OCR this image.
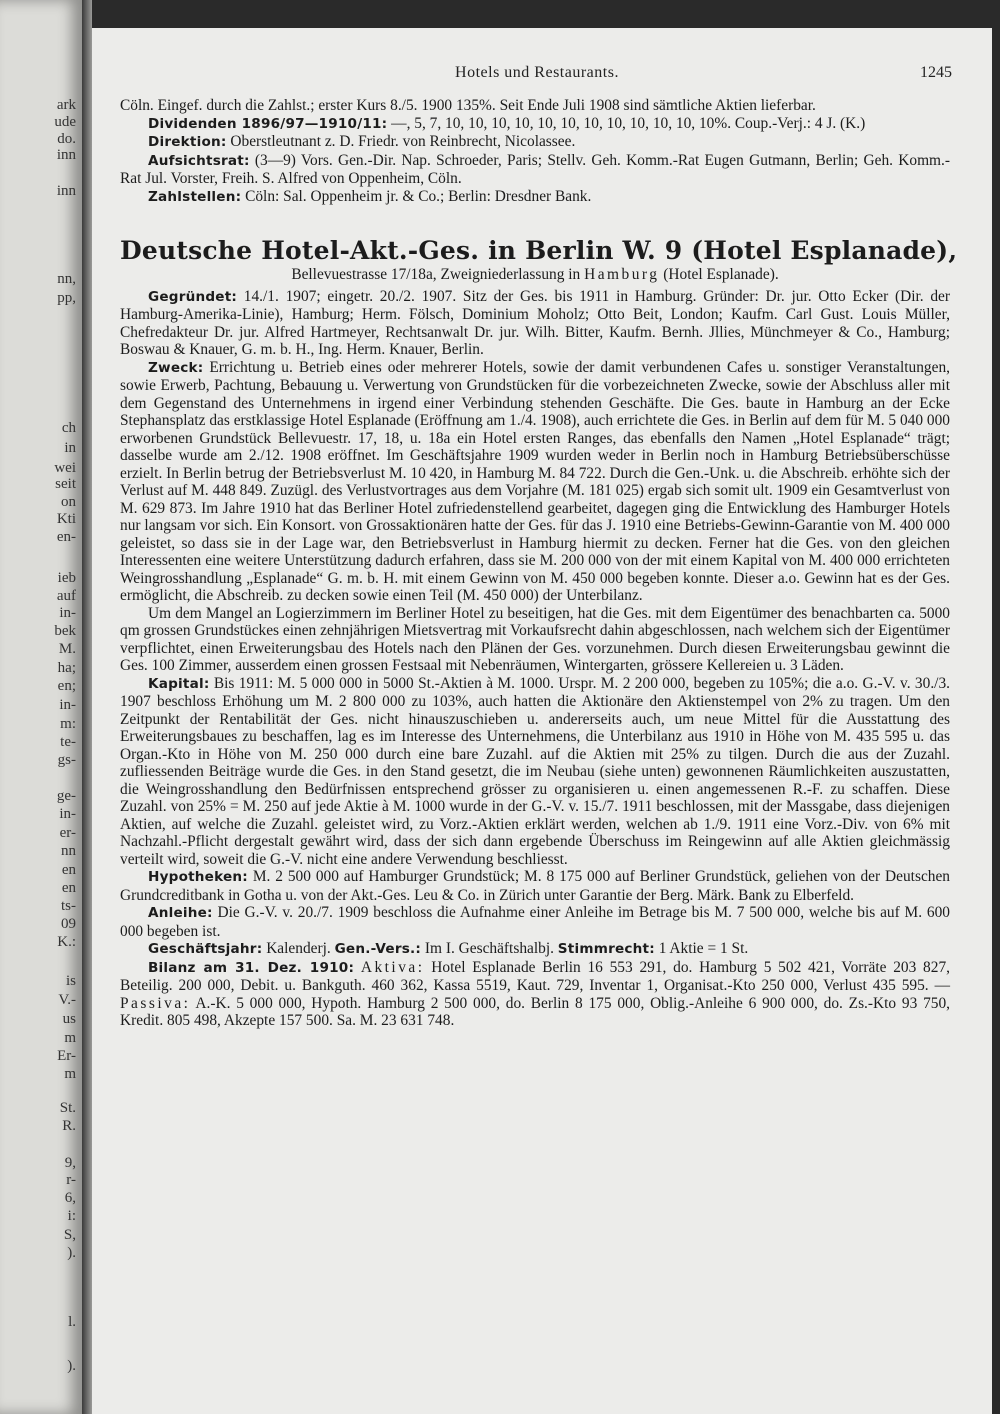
ark
ude
do.
inn
inn
nn,
pp,
ch
in
wei
seit
on
Kti
en-
ieb
auf
in-
bek
M.
ha;
en;
in-
m:
te-
gs-
ge-
in-
er-
nn
en
en
ts-
09
K.:
is
V.-
us
m
Er-
m
St.
R.
9,
r-
6,
i:
S,
).
l.
).
Hotels und Restaurants.	1245

Cöln. Eingef. durch die Zahlst.; erster Kurs 8./5. 1900 135%. Seit Ende Juli 1908 sind sämtliche Aktien lieferbar.

Dividenden 1896/97—1910/11: —, 5, 7, 10, 10, 10, 10, 10, 10, 10, 10, 10, 10, 10, 10%. Coup.-Verj.: 4 J. (K.)

Direktion: Oberstleutnant z. D. Friedr. von Reinbrecht, Nicolassee.

Aufsichtsrat: (3—9) Vors. Gen.-Dir. Nap. Schroeder, Paris; Stellv. Geh. Komm.-Rat Eugen Gutmann, Berlin; Geh. Komm.-Rat Jul. Vorster, Freih. S. Alfred von Oppenheim, Cöln.

Zahlstellen: Cöln: Sal. Oppenheim jr. & Co.; Berlin: Dresdner Bank.

Deutsche Hotel-Akt.-Ges. in Berlin W. 9 (Hotel Esplanade),
Bellevuestrasse 17/18a, Zweigniederlassung in Hamburg (Hotel Esplanade).

Gegründet: 14./1. 1907; eingetr. 20./2. 1907. Sitz der Ges. bis 1911 in Hamburg. Gründer: Dr. jur. Otto Ecker (Dir. der Hamburg-Amerika-Linie), Hamburg; Herm. Fölsch, Dominium Moholz; Otto Beit, London; Kaufm. Carl Gust. Louis Müller, Chefredakteur Dr. jur. Alfred Hartmeyer, Rechtsanwalt Dr. jur. Wilh. Bitter, Kaufm. Bernh. Jllies, Münchmeyer & Co., Hamburg; Boswau & Knauer, G. m. b. H., Ing. Herm. Knauer, Berlin.

Zweck: Errichtung u. Betrieb eines oder mehrerer Hotels, sowie der damit verbundenen Cafes u. sonstiger Veranstaltungen, sowie Erwerb, Pachtung, Bebauung u. Verwertung von Grundstücken für die vorbezeichneten Zwecke, sowie der Abschluss aller mit dem Gegenstand des Unternehmens in irgend einer Verbindung stehenden Geschäfte. Die Ges. baute in Hamburg an der Ecke Stephansplatz das erstklassige Hotel Esplanade (Eröffnung am 1./4. 1908), auch errichtete die Ges. in Berlin auf dem für M. 5 040 000 erworbenen Grundstück Bellevuestr. 17, 18, u. 18a ein Hotel ersten Ranges, das ebenfalls den Namen „Hotel Esplanade“ trägt; dasselbe wurde am 2./12. 1908 eröffnet. Im Geschäftsjahre 1909 wurden weder in Berlin noch in Hamburg Betriebsüberschüsse erzielt. In Berlin betrug der Betriebsverlust M. 10 420, in Hamburg M. 84 722. Durch die Gen.-Unk. u. die Abschreib. erhöhte sich der Verlust auf M. 448 849. Zuzügl. des Verlustvortrages aus dem Vorjahre (M. 181 025) ergab sich somit ult. 1909 ein Gesamtverlust von M. 629 873. Im Jahre 1910 hat das Berliner Hotel zufriedenstellend gearbeitet, dagegen ging die Entwicklung des Hamburger Hotels nur langsam vor sich. Ein Konsort. von Grossaktionären hatte der Ges. für das J. 1910 eine Betriebs-Gewinn-Garantie von M. 400 000 geleistet, so dass sie in der Lage war, den Betriebsverlust in Hamburg hiermit zu decken. Ferner hat die Ges. von den gleichen Interessenten eine weitere Unterstützung dadurch erfahren, dass sie M. 200 000 von der mit einem Kapital von M. 400 000 errichteten Weingrosshandlung „Esplanade“ G. m. b. H. mit einem Gewinn von M. 450 000 begeben konnte. Dieser a.o. Gewinn hat es der Ges. ermöglicht, die Abschreib. zu decken sowie einen Teil (M. 450 000) der Unterbilanz.

Um dem Mangel an Logierzimmern im Berliner Hotel zu beseitigen, hat die Ges. mit dem Eigentümer des benachbarten ca. 5000 qm grossen Grundstückes einen zehnjährigen Mietsvertrag mit Vorkaufsrecht dahin abgeschlossen, nach welchem sich der Eigentümer verpflichtet, einen Erweiterungsbau des Hotels nach den Plänen der Ges. vorzunehmen. Durch diesen Erweiterungsbau gewinnt die Ges. 100 Zimmer, ausserdem einen grossen Festsaal mit Nebenräumen, Wintergarten, grössere Kellereien u. 3 Läden.

Kapital: Bis 1911: M. 5 000 000 in 5000 St.-Aktien à M. 1000. Urspr. M. 2 200 000, begeben zu 105%; die a.o. G.-V. v. 30./3. 1907 beschloss Erhöhung um M. 2 800 000 zu 103%, auch hatten die Aktionäre den Aktienstempel von 2% zu tragen. Um den Zeitpunkt der Rentabilität der Ges. nicht hinauszuschieben u. andererseits auch, um neue Mittel für die Ausstattung des Erweiterungsbaues zu beschaffen, lag es im Interesse des Unternehmens, die Unterbilanz aus 1910 in Höhe von M. 435 595 u. das Organ.-Kto in Höhe von M. 250 000 durch eine bare Zuzahl. auf die Aktien mit 25% zu tilgen. Durch die aus der Zuzahl. zufliessenden Beiträge wurde die Ges. in den Stand gesetzt, die im Neubau (siehe unten) gewonnenen Räumlichkeiten auszustatten, die Weingrosshandlung den Bedürfnissen entsprechend grösser zu organisieren u. einen angemessenen R.-F. zu schaffen. Diese Zuzahl. von 25% = M. 250 auf jede Aktie à M. 1000 wurde in der G.-V. v. 15./7. 1911 beschlossen, mit der Massgabe, dass diejenigen Aktien, auf welche die Zuzahl. geleistet wird, zu Vorz.-Aktien erklärt werden, welchen ab 1./9. 1911 eine Vorz.-Div. von 6% mit Nachzahl.-Pflicht dergestalt gewährt wird, dass der sich dann ergebende Überschuss im Reingewinn auf alle Aktien gleichmässig verteilt wird, soweit die G.-V. nicht eine andere Verwendung beschliesst.

Hypotheken: M. 2 500 000 auf Hamburger Grundstück; M. 8 175 000 auf Berliner Grundstück, geliehen von der Deutschen Grundcreditbank in Gotha u. von der Akt.-Ges. Leu & Co. in Zürich unter Garantie der Berg. Märk. Bank zu Elberfeld.

Anleihe: Die G.-V. v. 20./7. 1909 beschloss die Aufnahme einer Anleihe im Betrage bis M. 7 500 000, welche bis auf M. 600 000 begeben ist.

Geschäftsjahr: Kalenderj. Gen.-Vers.: Im I. Geschäftshalbj. Stimmrecht: 1 Aktie = 1 St.

Bilanz am 31. Dez. 1910: Aktiva: Hotel Esplanade Berlin 16 553 291, do. Hamburg 5 502 421, Vorräte 203 827, Beteilig. 200 000, Debit. u. Bankguth. 460 362, Kassa 5519, Kaut. 729, Inventar 1, Organisat.-Kto 250 000, Verlust 435 595. — Passiva: A.-K. 5 000 000, Hypoth. Hamburg 2 500 000, do. Berlin 8 175 000, Oblig.-Anleihe 6 900 000, do. Zs.-Kto 93 750, Kredit. 805 498, Akzepte 157 500. Sa. M. 23 631 748.
